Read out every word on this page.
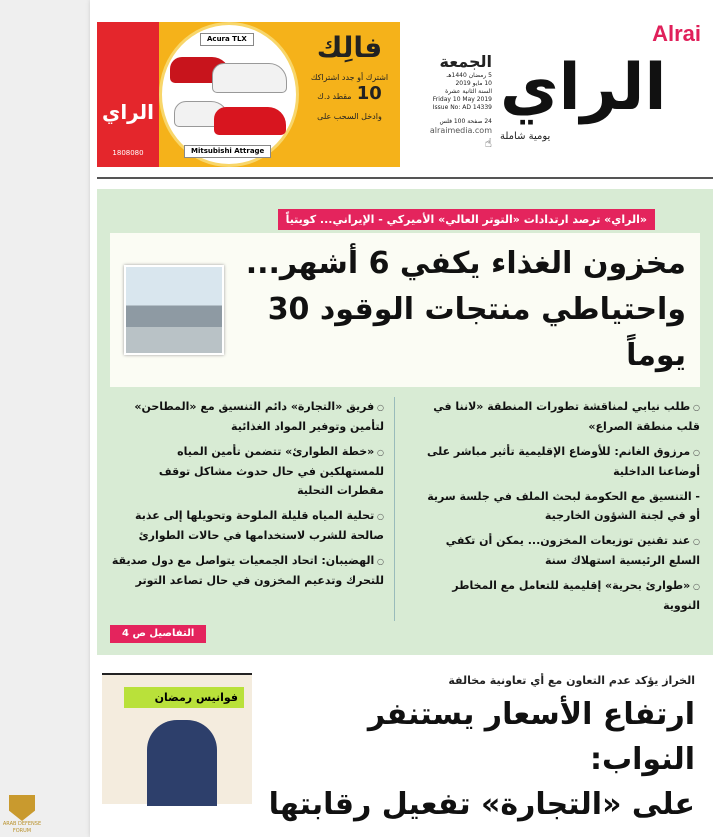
Alrai
الراي
يومية شاملة
الجمعة
5 رمضان 1440هـ
10 مايو 2019
السنة الثانية عشرة
Friday 10 May 2019
Issue No: AD 14339
24 صفحة 100 فلس
alraimedia.com
☝
فالِك
اشترك أو جدد اشتراكك
10 مقطد د.ك
وادخل السحب على
Acura TLX
Mitsubishi Attrage
الراي
1808080
«الراي» ترصد ارتدادات «التوتر العالي» الأميركي - الإيراني... كويتياً
مخزون الغذاء يكفي 6 أشهر...
واحتياطي منتجات الوقود 30 يوماً
○ طلب نيابي لمناقشة تطورات المنطقة «لاننا في قلب منطقة الصراع»
○ مرزوق الغانم: للأوضاع الإقليمية تأثير مباشر على أوضاعنا الداخلية
- التنسيق مع الحكومة لبحث الملف في جلسة سرية أو في لجنة الشؤون الخارجية
○ عند تقنين توزيعات المخزون... يمكن أن تكفي السلع الرئيسية استهلاك سنة
○ «طوارئ بحرية» إقليمية للتعامل مع المخاطر النووية
○ فريق «التجارة» دائم التنسيق مع «المطاحن» لتأمين وتوفير المواد الغذائية
○ «خطة الطوارئ» تتضمن تأمين المياه للمستهلكين في حال حدوث مشاكل توقف مقطرات التحلية
○ تحلية المياه قليلة الملوحة وتحويلها إلى عذبة صالحة للشرب لاستخدامها في حالات الطوارئ
○ الهضيبان: اتحاد الجمعيات يتواصل مع دول صديقة للتحرك وتدعيم المخزون في حال تصاعد التوتر
التفاصيل ص 4
الخراز يؤكد عدم التعاون مع أي تعاونية مخالفة
ارتفاع الأسعار يستنفر النواب:
على «التجارة» تفعيل رقابتها
فوانيس رمضان
ARAB DEFENSE FORUM
